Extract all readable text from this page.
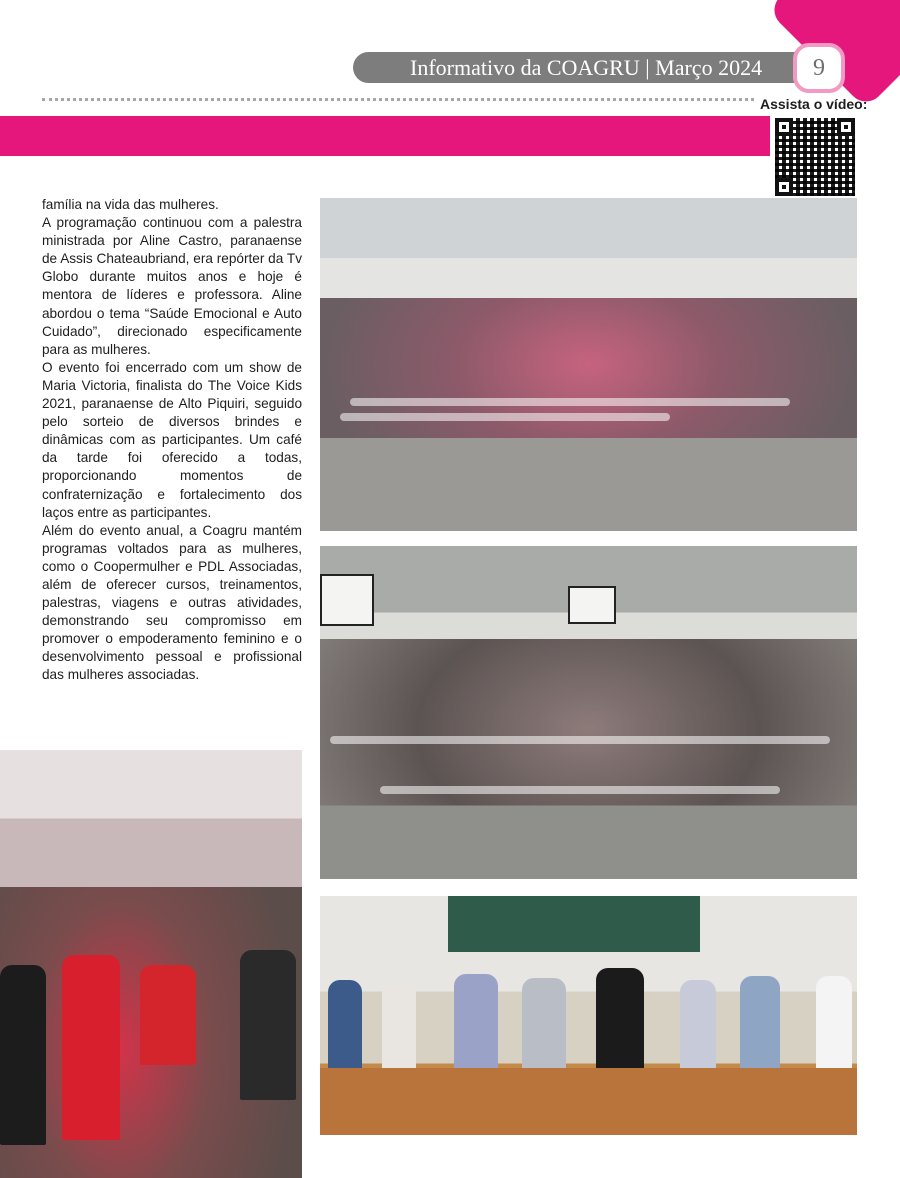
Informativo da COAGRU | Março 2024	9
Assista o vídeo:

família na vida das mulheres.

A programação continuou com a palestra ministrada por Aline Castro, paranaense de Assis Chateaubriand, era repórter da Tv Globo durante muitos anos e hoje é mentora de líderes e professora. Aline abordou o tema “Saúde Emocional e Auto Cuidado”, direcionado especificamente para as mulheres.

O evento foi encerrado com um show de Maria Victoria, finalista do The Voice Kids 2021, paranaense de Alto Piquiri, seguido pelo sorteio de diversos brindes e dinâmicas com as participantes. Um café da tarde foi oferecido a todas, proporcionando momentos de confraternização e fortalecimento dos laços entre as participantes.

Além do evento anual, a Coagru mantém programas voltados para as mulheres, como o Coopermulher e PDL Associadas, além de oferecer cursos, treinamentos, palestras, viagens e outras atividades, demonstrando seu compromisso em promover o empoderamento feminino e o desenvolvimento pessoal e profissional das mulheres associadas.
